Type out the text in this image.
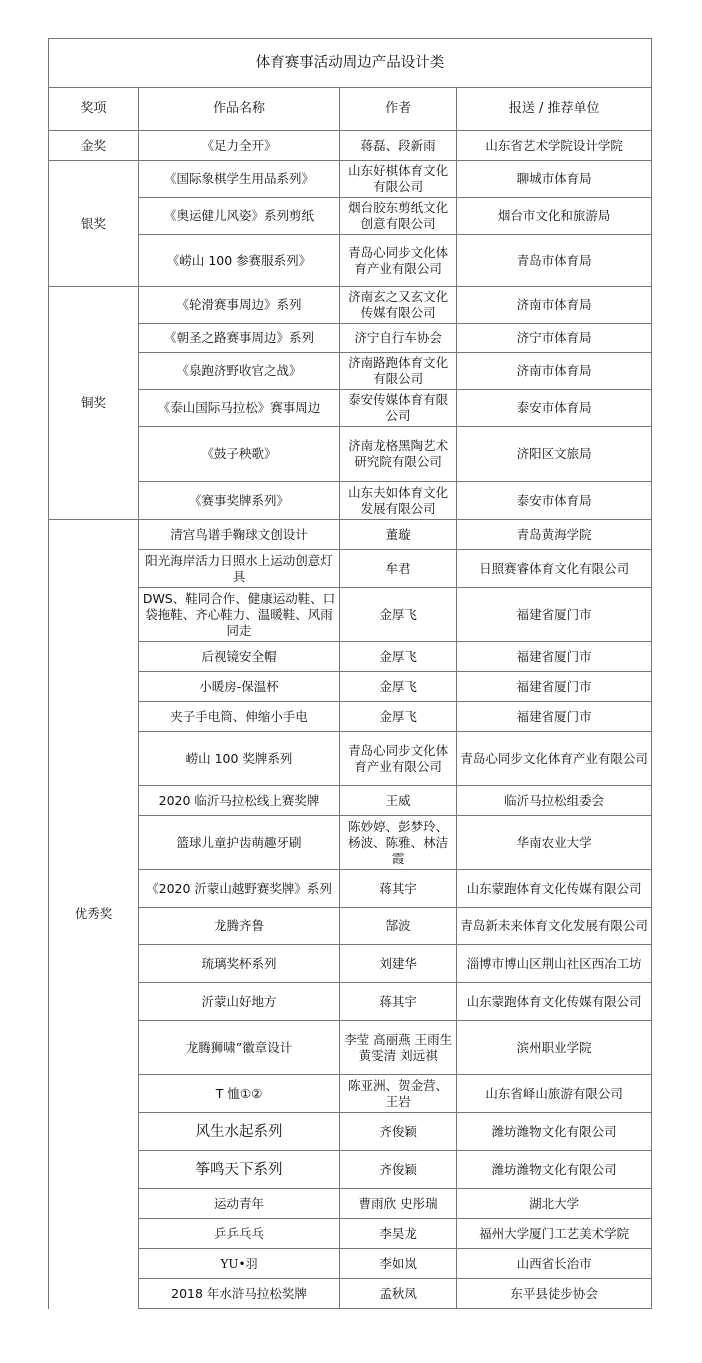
体育赛事活动周边产品设计类			
奖项	作品名称	作者	报送 / 推荐单位
金奖	《足力全开》	蒋磊、段新雨	山东省艺术学院设计学院
银奖	《国际象棋学生用品系列》	山东好棋体育文化有限公司	聊城市体育局
	《奥运健儿风姿》系列剪纸	烟台胶东剪纸文化创意有限公司	烟台市文化和旅游局
	《崂山 100 参赛服系列》	青岛心同步文化体育产业有限公司	青岛市体育局
铜奖	《轮滑赛事周边》系列	济南玄之又玄文化传媒有限公司	济南市体育局
	《朝圣之路赛事周边》系列	济宁自行车协会	济宁市体育局
	《泉跑济野收官之战》	济南路跑体育文化有限公司	济南市体育局
	《泰山国际马拉松》赛事周边	泰安传媒体育有限公司	泰安市体育局
	《鼓子秧歌》	济南龙格黑陶艺术研究院有限公司	济阳区文旅局
	《赛事奖牌系列》	山东夫如体育文化发展有限公司	泰安市体育局
优秀奖	清宫鸟谱手鞠球文创设计	董璇	青岛黄海学院
	阳光海岸活力日照水上运动创意灯具	牟君	日照赛睿体育文化有限公司
	DWS、鞋同合作、健康运动鞋、口袋拖鞋、齐心鞋力、温暖鞋、风雨同走	金厚飞	福建省厦门市
	后视镜安全帽	金厚飞	福建省厦门市
	小暖房-保温杯	金厚飞	福建省厦门市
	夹子手电筒、伸缩小手电	金厚飞	福建省厦门市
	崂山 100 奖牌系列	青岛心同步文化体育产业有限公司	青岛心同步文化体育产业有限公司
	2020 临沂马拉松线上赛奖牌	王威	临沂马拉松组委会
	篮球儿童护齿萌趣牙刷	陈妙婷、彭梦玲、杨波、陈雅、林洁霞	华南农业大学
	《2020 沂蒙山越野赛奖牌》系列	蒋其宇	山东蒙跑体育文化传媒有限公司
	龙腾齐鲁	郜波	青岛新未来体育文化发展有限公司
	琉璃奖杯系列	刘建华	淄博市博山区荆山社区西冶工坊
	沂蒙山好地方	蒋其宇	山东蒙跑体育文化传媒有限公司
	龙腾狮啸”徽章设计	李莹 高丽燕 王雨生 黄雯清 刘远祺	滨州职业学院
	T 恤①②	陈亚洲、贺金营、王岩	山东省峄山旅游有限公司
	风生水起系列	齐俊颖	潍坊潍物文化有限公司
	筝鸣天下系列	齐俊颖	潍坊潍物文化有限公司
	运动青年	曹雨欣 史彤瑞	湖北大学
	乒乒乓乓	李昊龙	福州大学厦门工艺美术学院
	YU•羽	李如岚	山西省长治市
	2018 年水浒马拉松奖牌	孟秋凤	东平县徒步协会
